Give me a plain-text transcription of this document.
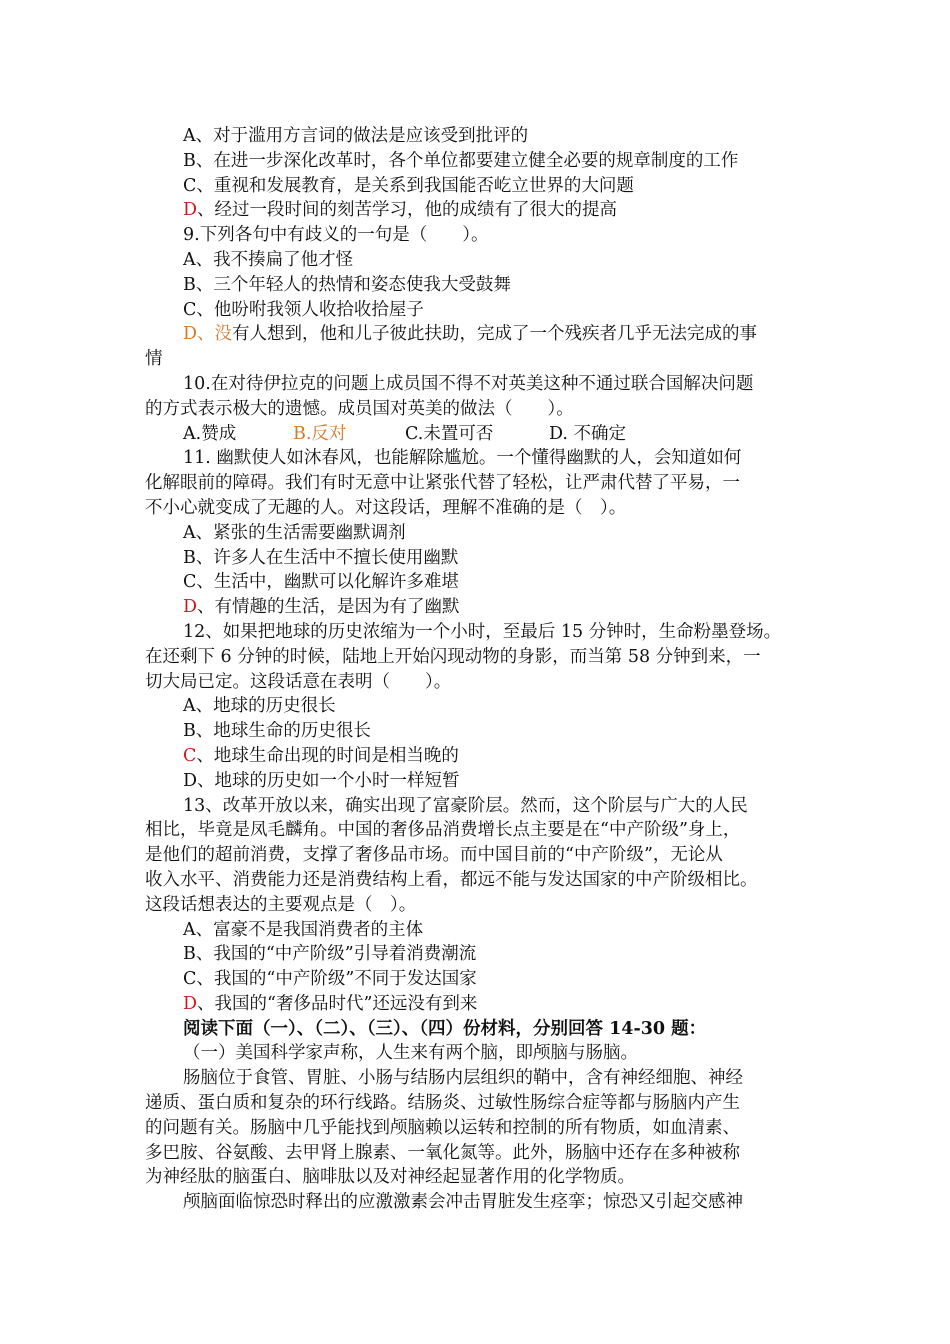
A、对于滥用方言词的做法是应该受到批评的
B、在进一步深化改革时，各个单位都要建立健全必要的规章制度的工作
C、重视和发展教育，是关系到我国能否屹立世界的大问题
D、经过一段时间的刻苦学习，他的成绩有了很大的提高
9.下列各句中有歧义的一句是（　　）。
A、我不揍扁了他才怪
B、三个年轻人的热情和姿态使我大受鼓舞
C、他吩咐我领人收拾收拾屋子
D、没有人想到，他和儿子彼此扶助，完成了一个残疾者几乎无法完成的事
情
10.在对待伊拉克的问题上成员国不得不对英美这种不通过联合国解决问题
的方式表示极大的遗憾。成员国对英美的做法（　　）。
A.赞成	B.反对	C.未置可否	D. 不确定
11. 幽默使人如沐春风，也能解除尴尬。一个懂得幽默的人，会知道如何
化解眼前的障碍。我们有时无意中让紧张代替了轻松，让严肃代替了平易，一
不小心就变成了无趣的人。对这段话，理解不准确的是（　）。
A、紧张的生活需要幽默调剂
B、许多人在生活中不擅长使用幽默
C、生活中，幽默可以化解许多难堪
D、有情趣的生活，是因为有了幽默
12、如果把地球的历史浓缩为一个小时，至最后 15 分钟时，生命粉墨登场。
在还剩下 6 分钟的时候，陆地上开始闪现动物的身影，而当第 58 分钟到来，一
切大局已定。这段话意在表明（　　）。
A、地球的历史很长
B、地球生命的历史很长
C、地球生命出现的时间是相当晚的
D、地球的历史如一个小时一样短暂
13、改革开放以来，确实出现了富豪阶层。然而，这个阶层与广大的人民
相比，毕竟是凤毛麟角。中国的奢侈品消费增长点主要是在“中产阶级”身上，
是他们的超前消费，支撑了奢侈品市场。而中国目前的“中产阶级”，无论从
收入水平、消费能力还是消费结构上看，都远不能与发达国家的中产阶级相比。
这段话想表达的主要观点是（　）。
A、富豪不是我国消费者的主体
B、我国的“中产阶级”引导着消费潮流
C、我国的“中产阶级”不同于发达国家
D、我国的“奢侈品时代”还远没有到来
阅读下面（一）、（二）、（三）、（四）份材料，分别回答 14-30 题：
（一）美国科学家声称，人生来有两个脑，即颅脑与肠脑。
肠脑位于食管、胃脏、小肠与结肠内层组织的鞘中，含有神经细胞、神经
递质、蛋白质和复杂的环行线路。结肠炎、过敏性肠综合症等都与肠脑内产生
的问题有关。肠脑中几乎能找到颅脑赖以运转和控制的所有物质，如血清素、
多巴胺、谷氨酸、去甲肾上腺素、一氧化氮等。此外，肠脑中还存在多种被称
为神经肽的脑蛋白、脑啡肽以及对神经起显著作用的化学物质。
颅脑面临惊恐时释出的应激激素会冲击胃脏发生痉挛；惊恐又引起交感神
